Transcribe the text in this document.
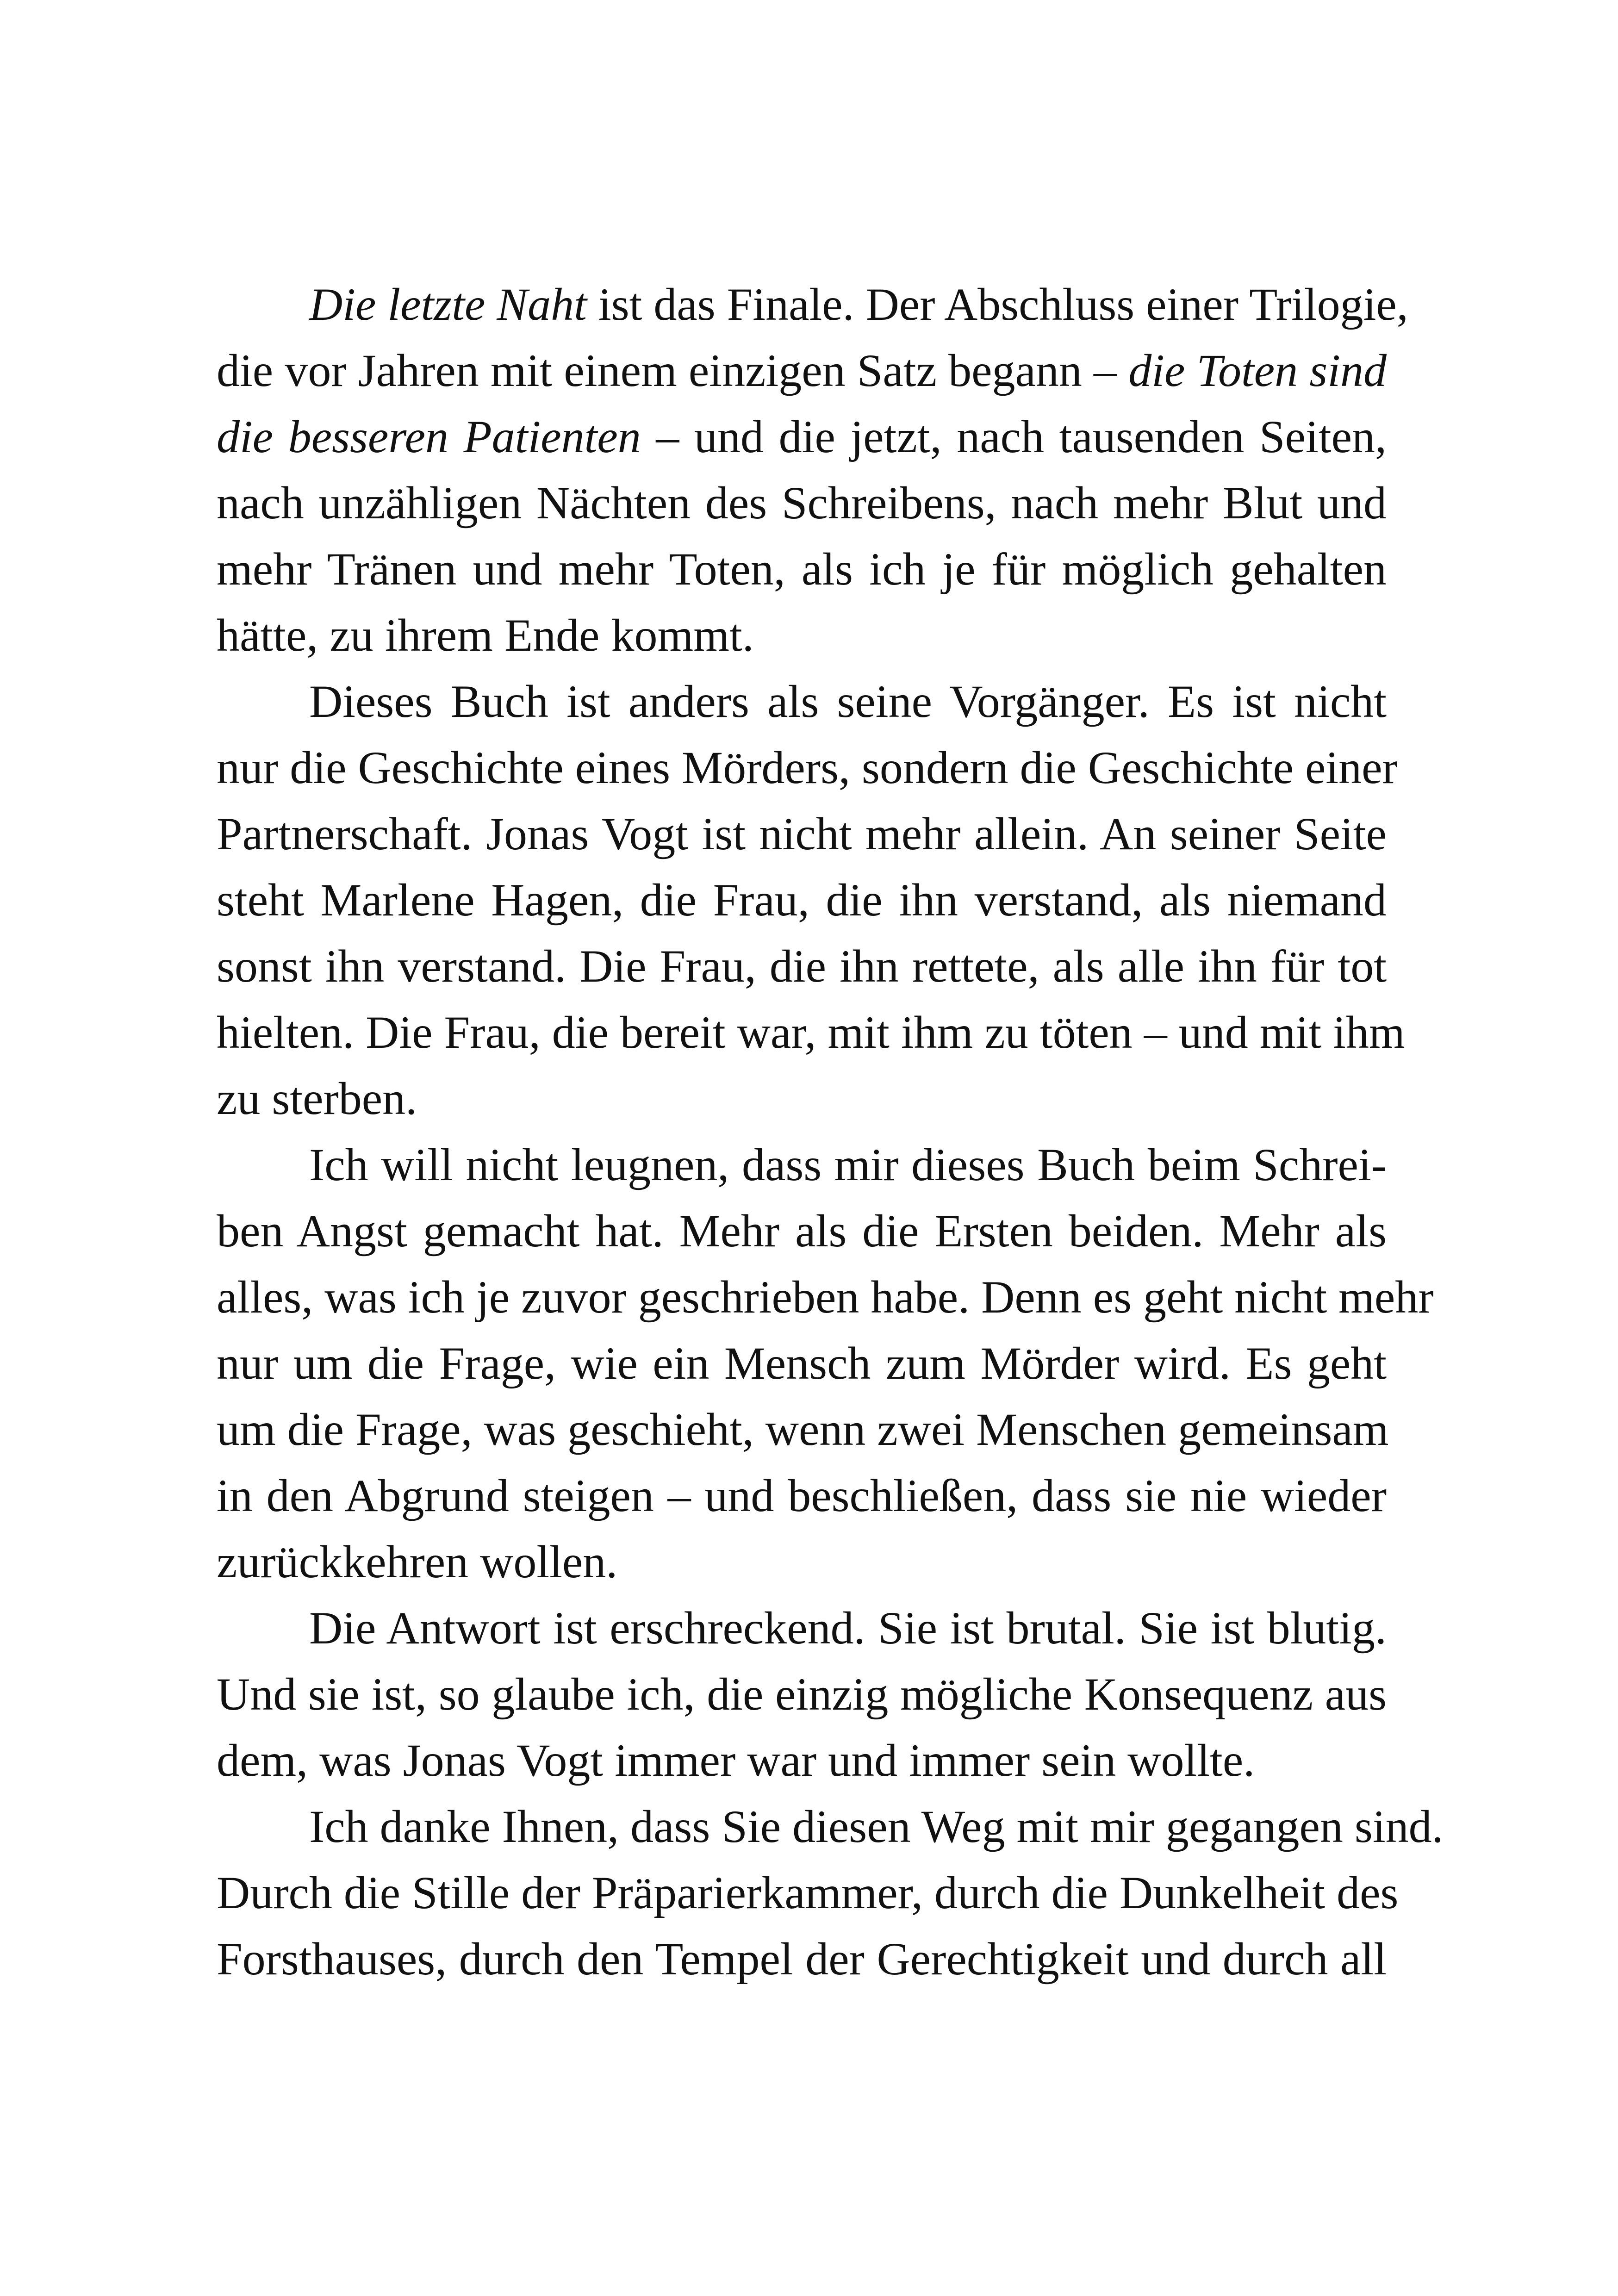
Die letzte Naht ist das Finale. Der Abschluss einer Trilogie,
die vor Jahren mit einem einzigen Satz begann – die Toten sind
die besseren Patienten – und die jetzt, nach tausenden Seiten,
nach unzähligen Nächten des Schreibens, nach mehr Blut und
mehr Tränen und mehr Toten, als ich je für möglich gehalten
hätte, zu ihrem Ende kommt.
Dieses Buch ist anders als seine Vorgänger. Es ist nicht
nur die Geschichte eines Mörders, sondern die Geschichte einer
Partnerschaft. Jonas Vogt ist nicht mehr allein. An seiner Seite
steht Marlene Hagen, die Frau, die ihn verstand, als niemand
sonst ihn verstand. Die Frau, die ihn rettete, als alle ihn für tot
hielten. Die Frau, die bereit war, mit ihm zu töten – und mit ihm
zu sterben.
Ich will nicht leugnen, dass mir dieses Buch beim Schrei-
ben Angst gemacht hat. Mehr als die Ersten beiden. Mehr als
alles, was ich je zuvor geschrieben habe. Denn es geht nicht mehr
nur um die Frage, wie ein Mensch zum Mörder wird. Es geht
um die Frage, was geschieht, wenn zwei Menschen gemeinsam
in den Abgrund steigen – und beschließen, dass sie nie wieder
zurückkehren wollen.
Die Antwort ist erschreckend. Sie ist brutal. Sie ist blutig.
Und sie ist, so glaube ich, die einzig mögliche Konsequenz aus
dem, was Jonas Vogt immer war und immer sein wollte.
Ich danke Ihnen, dass Sie diesen Weg mit mir gegangen sind.
Durch die Stille der Präparierkammer, durch die Dunkelheit des
Forsthauses, durch den Tempel der Gerechtigkeit und durch all
